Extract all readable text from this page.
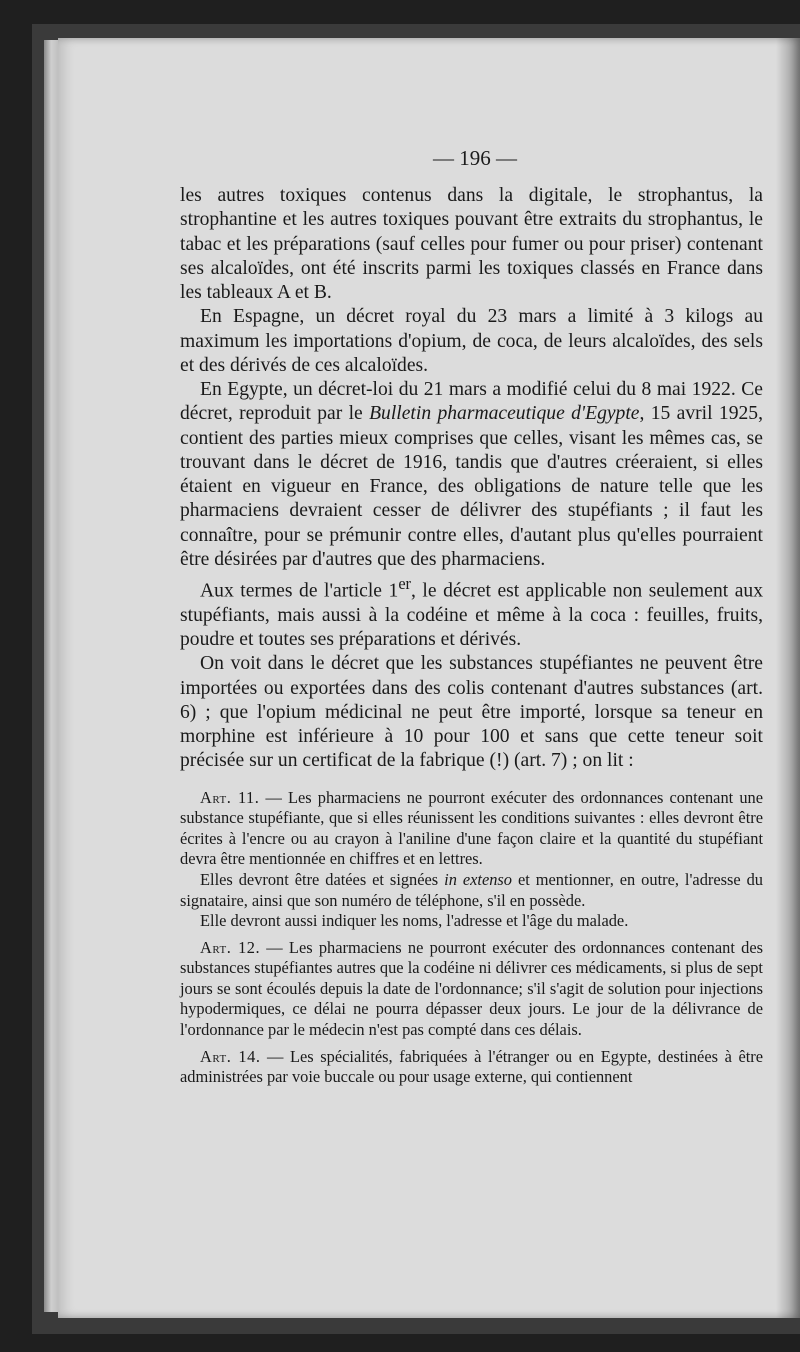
— 196 —

les autres toxiques contenus dans la digitale, le strophantus, la strophantine et les autres toxiques pouvant être extraits du strophantus, le tabac et les préparations (sauf celles pour fumer ou pour priser) contenant ses alcaloïdes, ont été inscrits parmi les toxiques classés en France dans les tableaux A et B.

En Espagne, un décret royal du 23 mars a limité à 3 kilogs au maximum les importations d'opium, de coca, de leurs alcaloïdes, des sels et des dérivés de ces alcaloïdes.

En Egypte, un décret-loi du 21 mars a modifié celui du 8 mai 1922. Ce décret, reproduit par le Bulletin pharmaceutique d'Egypte, 15 avril 1925, contient des parties mieux comprises que celles, visant les mêmes cas, se trouvant dans le décret de 1916, tandis que d'autres créeraient, si elles étaient en vigueur en France, des obligations de nature telle que les pharmaciens devraient cesser de délivrer des stupéfiants ; il faut les connaître, pour se prémunir contre elles, d'autant plus qu'elles pourraient être désirées par d'autres que des pharmaciens.

Aux termes de l'article 1er, le décret est applicable non seulement aux stupéfiants, mais aussi à la codéine et même à la coca : feuilles, fruits, poudre et toutes ses préparations et dérivés.

On voit dans le décret que les substances stupéfiantes ne peuvent être importées ou exportées dans des colis contenant d'autres substances (art. 6) ; que l'opium médicinal ne peut être importé, lorsque sa teneur en morphine est inférieure à 10 pour 100 et sans que cette teneur soit précisée sur un certificat de la fabrique (!) (art. 7) ; on lit :

Art. 11. — Les pharmaciens ne pourront exécuter des ordonnances contenant une substance stupéfiante, que si elles réunissent les conditions suivantes : elles devront être écrites à l'encre ou au crayon à l'aniline d'une façon claire et la quantité du stupéfiant devra être mentionnée en chiffres et en lettres.

Elles devront être datées et signées in extenso et mentionner, en outre, l'adresse du signataire, ainsi que son numéro de téléphone, s'il en possède.

Elle devront aussi indiquer les noms, l'adresse et l'âge du malade.

Art. 12. — Les pharmaciens ne pourront exécuter des ordonnances contenant des substances stupéfiantes autres que la codéine ni délivrer ces médicaments, si plus de sept jours se sont écoulés depuis la date de l'ordonnance; s'il s'agit de solution pour injections hypodermiques, ce délai ne pourra dépasser deux jours. Le jour de la délivrance de l'ordonnance par le médecin n'est pas compté dans ces délais.

Art. 14. — Les spécialités, fabriquées à l'étranger ou en Egypte, destinées à être administrées par voie buccale ou pour usage externe, qui contiennent
